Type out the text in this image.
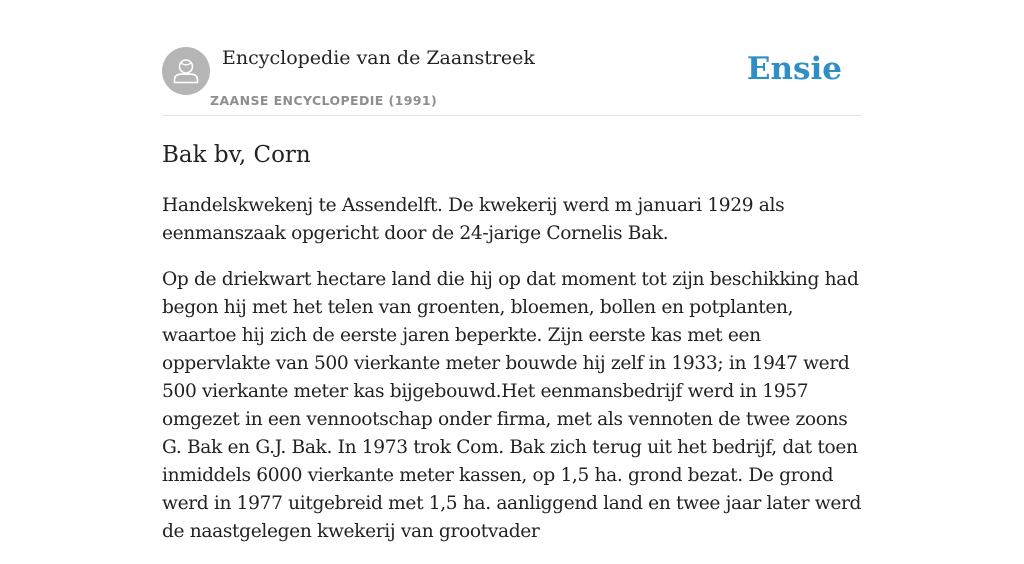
Encyclopedie van de Zaanstreek
ZAANSE ENCYCLOPEDIE (1991)
Ensie
Bak bv, Corn

Handelskwekenj te Assendelft. De kwekerij werd m januari 1929 als eenmanszaak opgericht door de 24-jarige Cornelis Bak.

Op de driekwart hectare land die hij op dat moment tot zijn beschikking had begon hij met het telen van groenten, bloemen, bollen en potplanten, waartoe hij zich de eerste jaren beperkte. Zijn eerste kas met een oppervlakte van 500 vierkante meter bouwde hij zelf in 1933; in 1947 werd 500 vierkante meter kas bijgebouwd.Het eenmansbedrijf werd in 1957 omgezet in een vennootschap onder firma, met als vennoten de twee zoons G. Bak en G.J. Bak. In 1973 trok Com. Bak zich terug uit het bedrijf, dat toen inmiddels 6000 vierkante meter kassen, op 1,5 ha. grond bezat. De grond werd in 1977 uitgebreid met 1,5 ha. aanliggend land en twee jaar later werd de naastgelegen kwekerij van grootvader
